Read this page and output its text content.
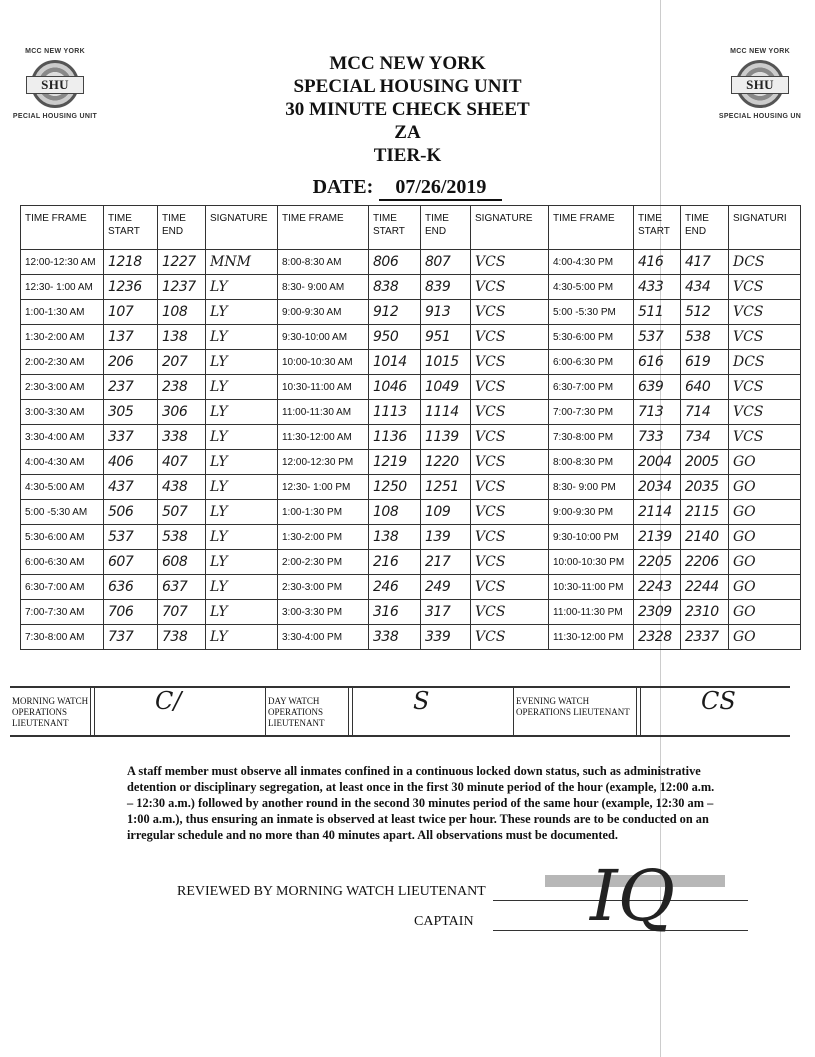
MCC NEW YORK
SHU
PECIAL HOUSING UNIT
MCC NEW YORK
SHU
SPECIAL HOUSING UN
MCC NEW YORK
SPECIAL HOUSING UNIT
30 MINUTE CHECK SHEET
ZA
TIER-K
DATE: 07/26/2019
TIME FRAME	TIME START	TIME END	SIGNATURE	TIME FRAME	TIME START	TIME END	SIGNATURE	TIME FRAME	TIME START	TIME END	SIGNATURI
12:00-12:30 AM	1218	1227	MNM	8:00-8:30 AM	806	807	VCS	4:00-4:30 PM	416	417	DCS
12:30- 1:00 AM	1236	1237	LY	8:30- 9:00 AM	838	839	VCS	4:30-5:00 PM	433	434	VCS
1:00-1:30 AM	107	108	LY	9:00-9:30 AM	912	913	VCS	5:00 -5:30 PM	511	512	VCS
1:30-2:00 AM	137	138	LY	9:30-10:00 AM	950	951	VCS	5:30-6:00 PM	537	538	VCS
2:00-2:30 AM	206	207	LY	10:00-10:30 AM	1014	1015	VCS	6:00-6:30 PM	616	619	DCS
2:30-3:00 AM	237	238	LY	10:30-11:00 AM	1046	1049	VCS	6:30-7:00 PM	639	640	VCS
3:00-3:30 AM	305	306	LY	11:00-11:30 AM	1113	1114	VCS	7:00-7:30 PM	713	714	VCS
3:30-4:00 AM	337	338	LY	11:30-12:00 AM	1136	1139	VCS	7:30-8:00 PM	733	734	VCS
4:00-4:30 AM	406	407	LY	12:00-12:30 PM	1219	1220	VCS	8:00-8:30 PM	2004	2005	GO
4:30-5:00 AM	437	438	LY	12:30- 1:00 PM	1250	1251	VCS	8:30- 9:00 PM	2034	2035	GO
5:00 -5:30 AM	506	507	LY	1:00-1:30 PM	108	109	VCS	9:00-9:30 PM	2114	2115	GO
5:30-6:00 AM	537	538	LY	1:30-2:00 PM	138	139	VCS	9:30-10:00 PM	2139	2140	GO
6:00-6:30 AM	607	608	LY	2:00-2:30 PM	216	217	VCS	10:00-10:30 PM	2205	2206	GO
6:30-7:00 AM	636	637	LY	2:30-3:00 PM	246	249	VCS	10:30-11:00 PM	2243	2244	GO
7:00-7:30 AM	706	707	LY	3:00-3:30 PM	316	317	VCS	11:00-11:30 PM	2309	2310	GO
7:30-8:00 AM	737	738	LY	3:30-4:00 PM	338	339	VCS	11:30-12:00 PM	2328	2337	GO
MORNING WATCH OPERATIONS LIEUTENANT
C/	DAY WATCH OPERATIONS LIEUTENANT
S	EVENING WATCH OPERATIONS LIEUTENANT	CS
A staff member must observe all inmates confined in a continuous locked down status, such as administrative detention or disciplinary segregation, at least once in the first 30 minute period of the hour (example, 12:00 a.m. – 12:30 a.m.) followed by another round in the second 30 minutes period of the same hour (example, 12:30 am – 1:00 a.m.), thus ensuring an inmate is observed at least twice per hour. These rounds are to be conducted on an irregular schedule and no more than 40 minutes apart. All observations must be documented.
REVIEWED BY MORNING WATCH LIEUTENANT
CAPTAIN IQ
